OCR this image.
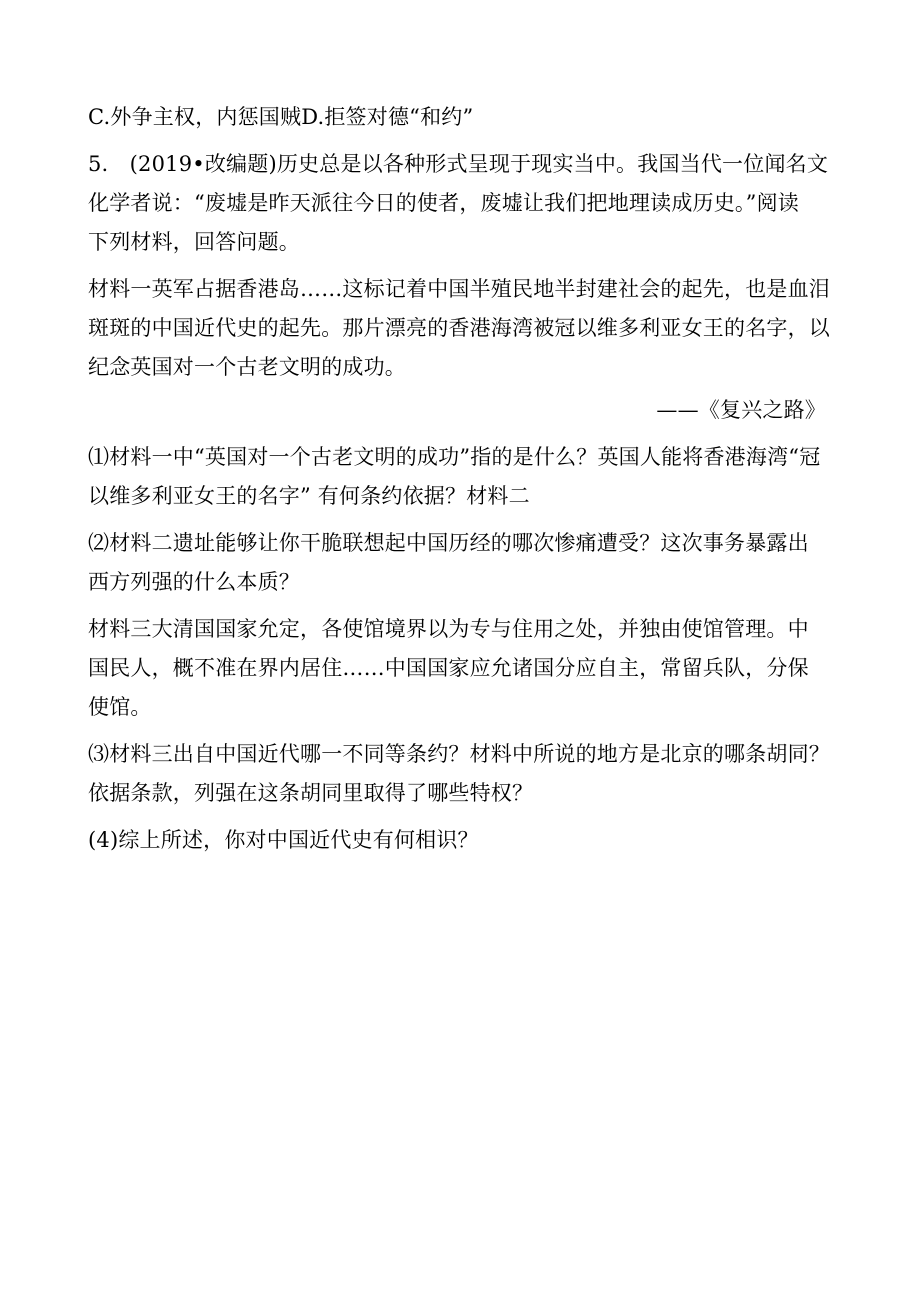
C.外争主权，内惩国贼D.拒签对德“和约”
5.　(2019•改编题)历史总是以各种形式呈现于现实当中。我国当代一位闻名文
化学者说：“废墟是昨天派往今日的使者，废墟让我们把地理读成历史。”阅读
下列材料，回答问题。
材料一英军占据香港岛……这标记着中国半殖民地半封建社会的起先，也是血泪
斑斑的中国近代史的起先。那片漂亮的香港海湾被冠以维多利亚女王的名字，以
纪念英国对一个古老文明的成功。
——《复兴之路》
⑴材料一中“英国对一个古老文明的成功”指的是什么？英国人能将香港海湾“冠
以维多利亚女王的名字” 有何条约依据？材料二
⑵材料二遗址能够让你干脆联想起中国历经的哪次惨痛遭受？这次事务暴露出
西方列强的什么本质？
材料三大清国国家允定，各使馆境界以为专与住用之处，并独由使馆管理。中
国民人，概不准在界内居住……中国国家应允诸国分应自主，常留兵队，分保
使馆。
⑶材料三出自中国近代哪一不同等条约？材料中所说的地方是北京的哪条胡同？
依据条款，列强在这条胡同里取得了哪些特权？
(4)综上所述，你对中国近代史有何相识？
